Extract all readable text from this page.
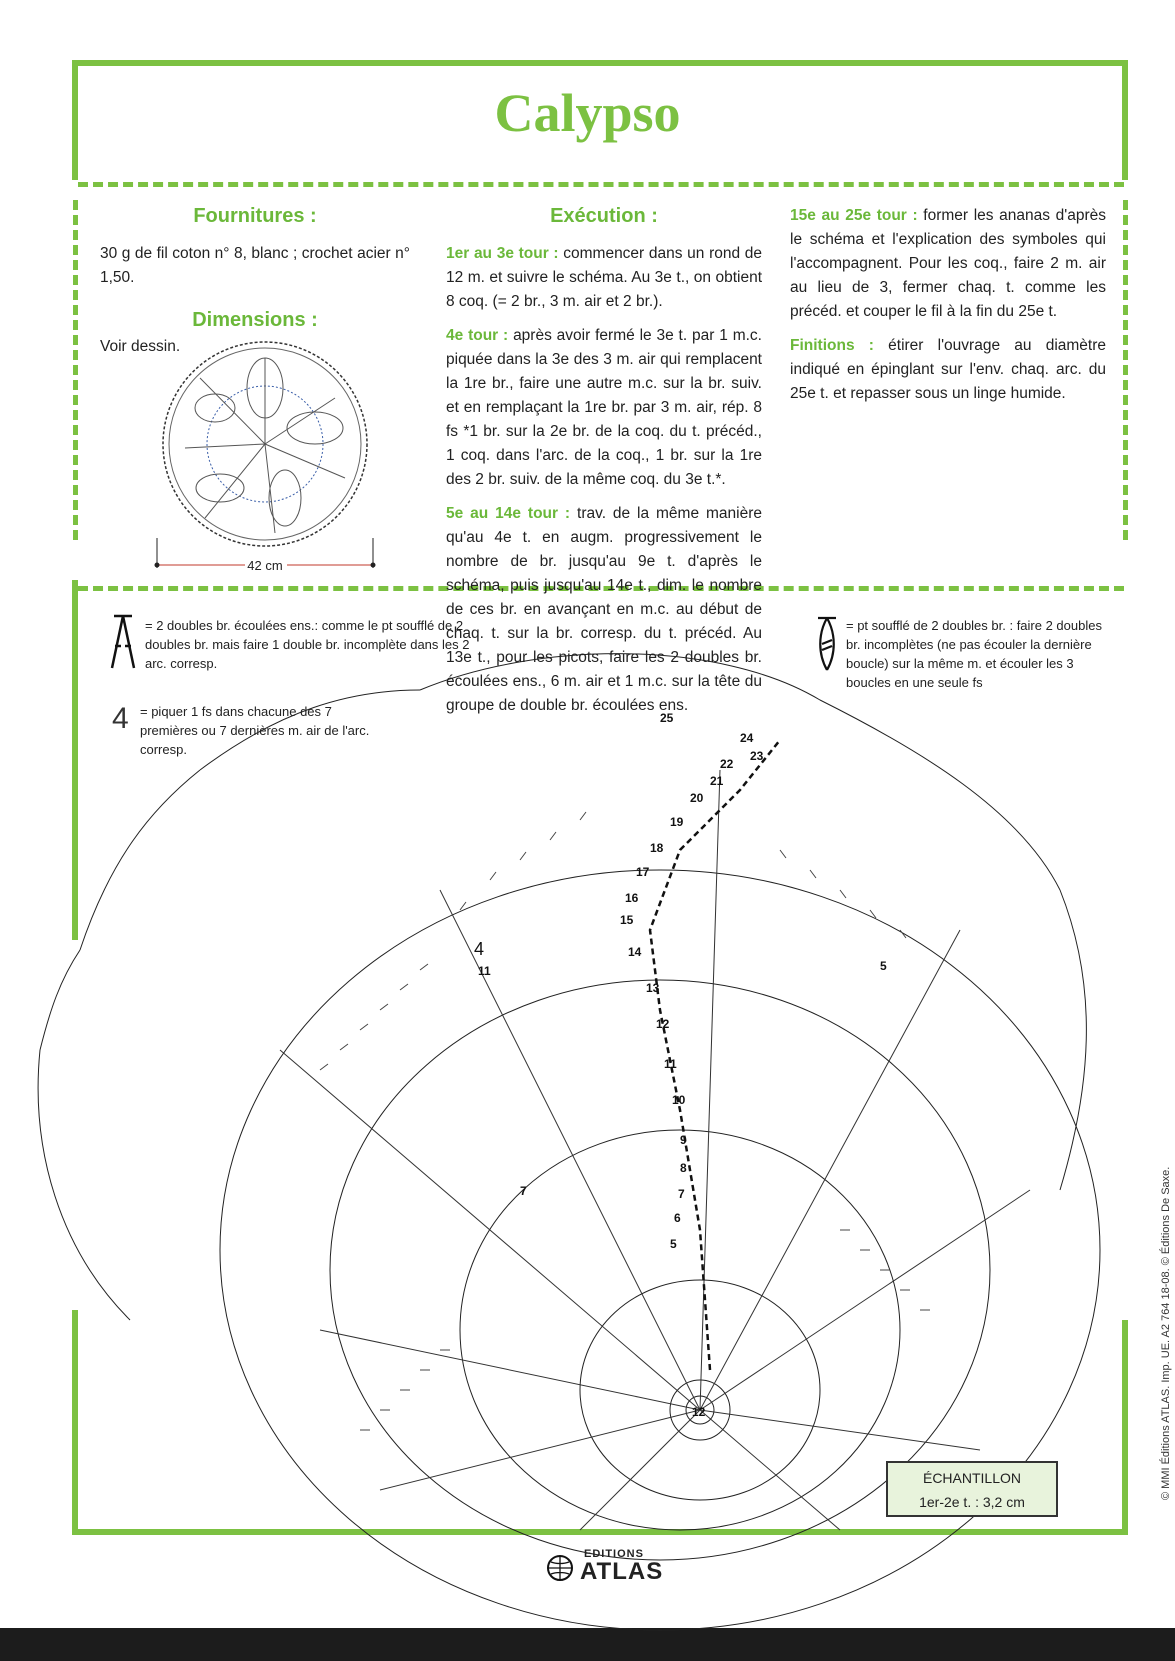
Calypso
Fournitures :

30 g de fil coton n° 8, blanc ; crochet acier n° 1,50.

Dimensions :
Voir dessin.
42 cm
Exécution :

1er au 3e tour : commencer dans un rond de 12 m. et suivre le schéma. Au 3e t., on obtient 8 coq. (= 2 br., 3 m. air et 2 br.).

4e tour : après avoir fermé le 3e t. par 1 m.c. piquée dans la 3e des 3 m. air qui remplacent la 1re br., faire une autre m.c. sur la br. suiv. et en remplaçant la 1re br. par 3 m. air, rép. 8 fs *1 br. sur la 2e br. de la coq. du t. précéd., 1 coq. dans l'arc. de la coq., 1 br. sur la 1re des 2 br. suiv. de la même coq. du 3e t.*.

5e au 14e tour : trav. de la même manière qu'au 4e t. en augm. progressivement le nombre de br. jusqu'au 9e t. d'après le schéma, puis jusqu'au 14e t., dim. le nombre de ces br. en avançant en m.c. au début de chaq. t. sur la br. corresp. du t. précéd. Au 13e t., pour les picots, faire les 2 doubles br. écoulées ens., 6 m. air et 1 m.c. sur la tête du groupe de double br. écoulées ens.

15e au 25e tour : former les ananas d'après le schéma et l'explication des symboles qui l'accompagnent. Pour les coq., faire 2 m. air au lieu de 3, fermer chaq. t. comme les précéd. et couper le fil à la fin du 25e t.

Finitions : étirer l'ouvrage au diamètre indiqué en épinglant sur l'env. chaq. arc. du 25e t. et repasser sous un linge humide.

= 2 doubles br. écoulées ens.: comme le pt soufflé de 2 doubles br. mais faire 1 double br. incomplète dans les 2 arc. corresp.
4 = piquer 1 fs dans chacune des 7 premières ou 7 dernières m. air de l'arc. corresp.
= pt soufflé de 2 doubles br. : faire 2 doubles br. incomplètes (ne pas écouler la dernière boucle) sur la même m. et écouler les 3 boucles en une seule fs
25
24
23
22
21
20
19
18
17
16
15
14
13
12
11
10
9
8
7
6
5
12
11
4
5
7
ÉCHANTILLON
1er-2e t. : 3,2 cm
EDITIONS
ATLAS
© MMI Éditions ATLAS. Imp. UE. A2 764 18-08. © Éditions De Saxe.
